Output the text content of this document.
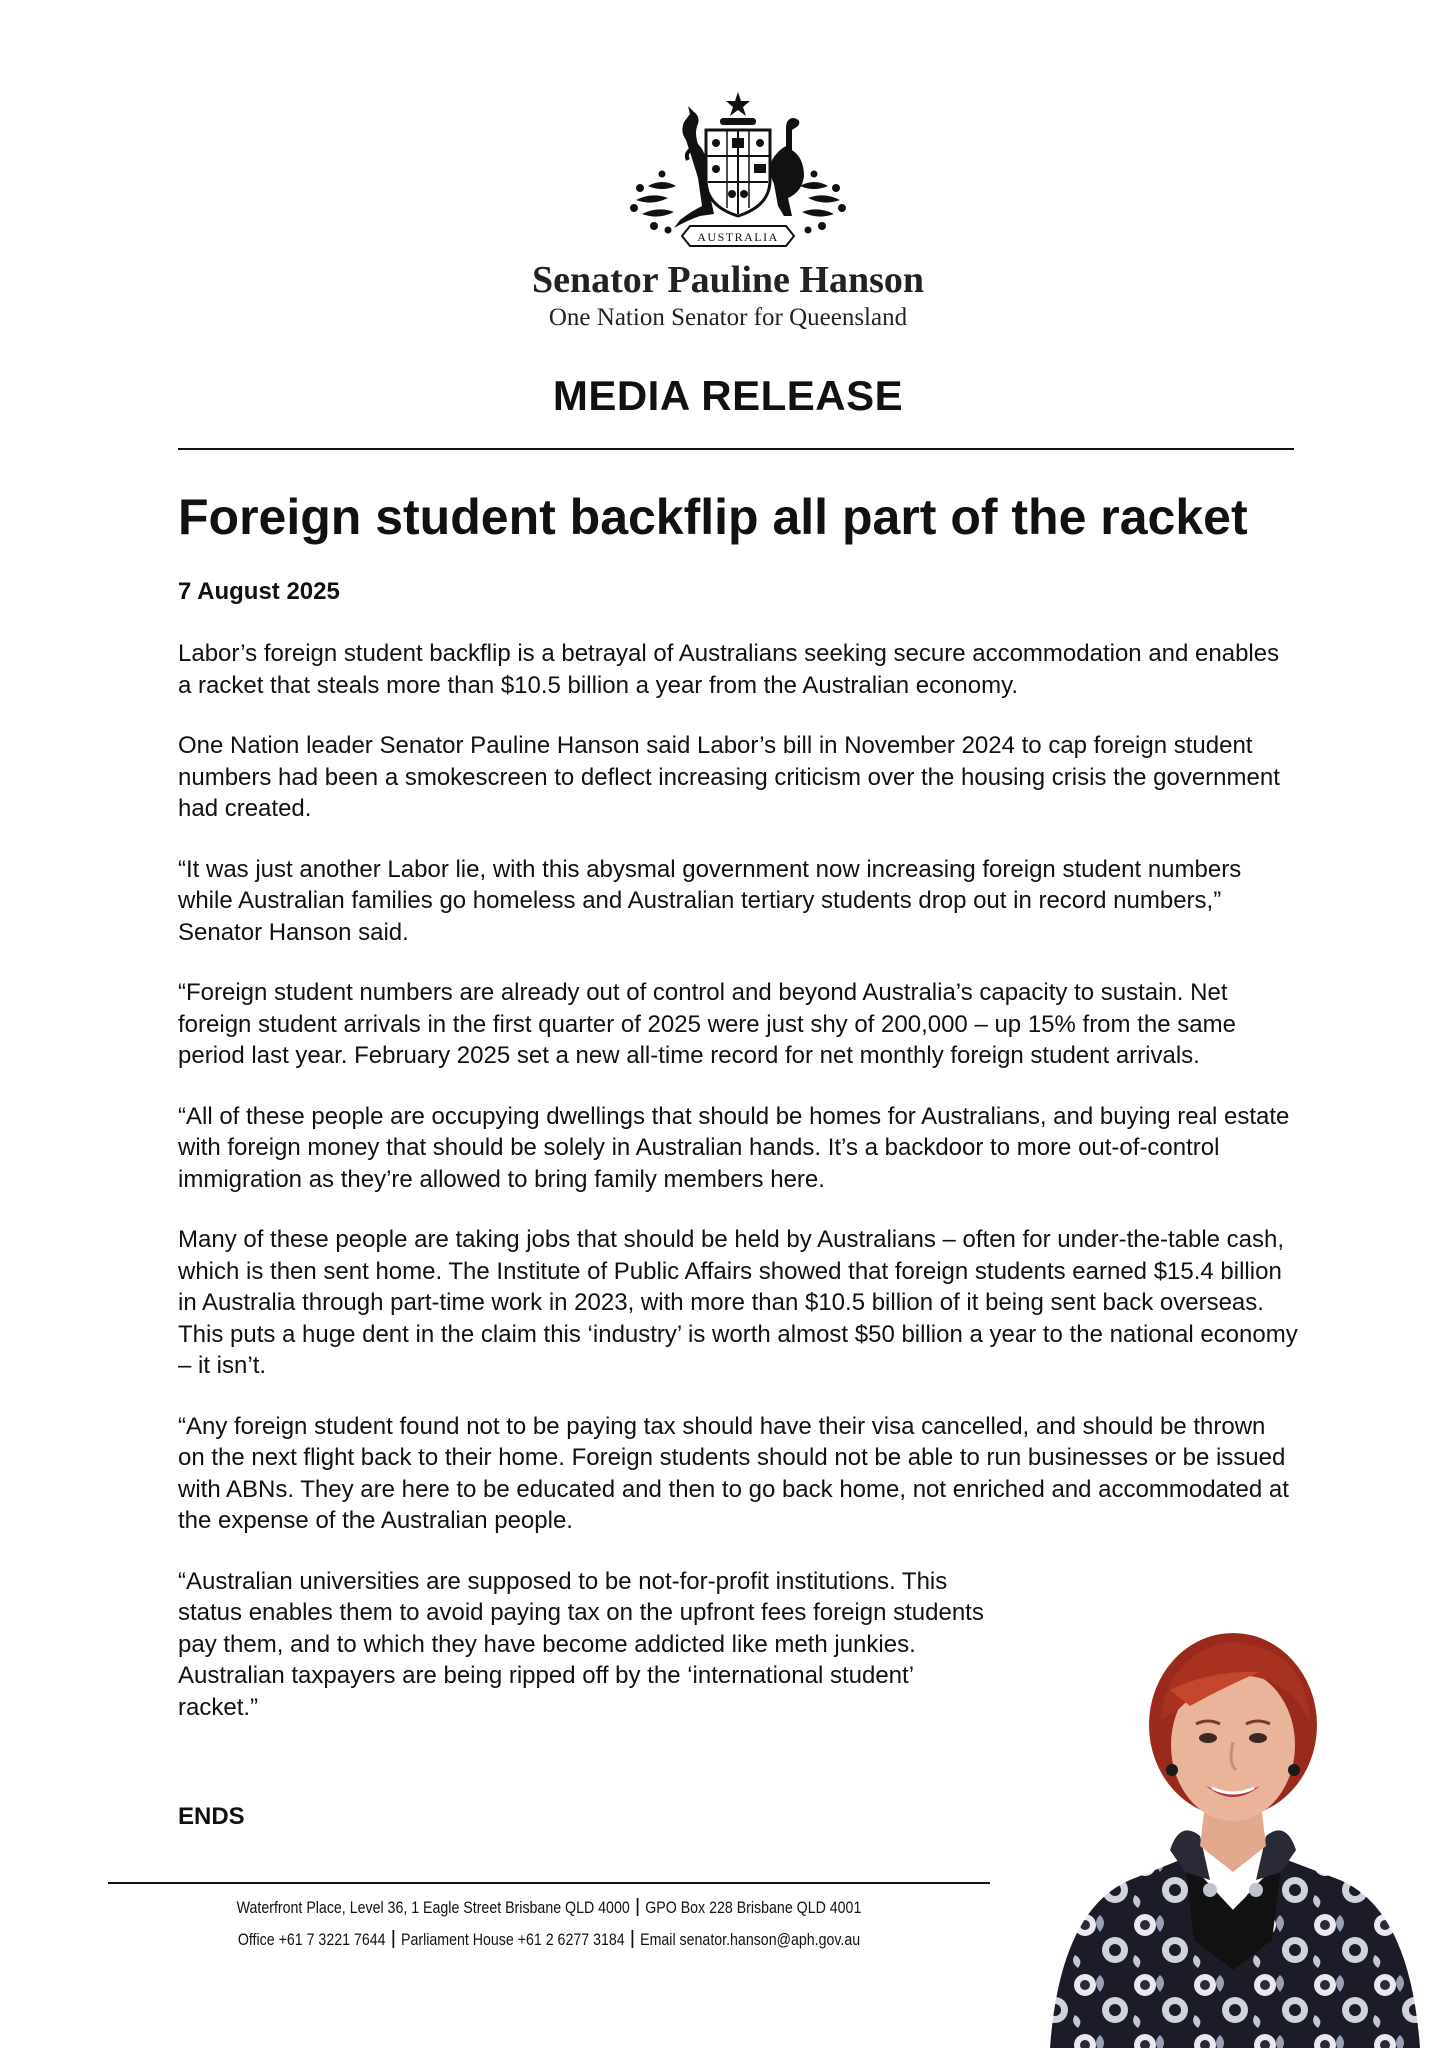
AUSTRALIA
Senator Pauline Hanson
One Nation Senator for Queensland
MEDIA RELEASE
Foreign student backflip all part of the racket
7 August 2025

Labor’s foreign student backflip is a betrayal of Australians seeking secure accommodation and enables a racket that steals more than $10.5 billion a year from the Australian economy.

One Nation leader Senator Pauline Hanson said Labor’s bill in November 2024 to cap foreign student numbers had been a smokescreen to deflect increasing criticism over the housing crisis the government had created.

“It was just another Labor lie, with this abysmal government now increasing foreign student numbers while Australian families go homeless and Australian tertiary students drop out in record numbers,” Senator Hanson said.

“Foreign student numbers are already out of control and beyond Australia’s capacity to sustain. Net foreign student arrivals in the first quarter of 2025 were just shy of 200,000 – up 15% from the same period last year. February 2025 set a new all-time record for net monthly foreign student arrivals.

“All of these people are occupying dwellings that should be homes for Australians, and buying real estate with foreign money that should be solely in Australian hands. It’s a backdoor to more out-of-control immigration as they’re allowed to bring family members here.

Many of these people are taking jobs that should be held by Australians – often for under-the-table cash, which is then sent home. The Institute of Public Affairs showed that foreign students earned $15.4 billion in Australia through part-time work in 2023, with more than $10.5 billion of it being sent back overseas. This puts a huge dent in the claim this ‘industry’ is worth almost $50 billion a year to the national economy – it isn’t.

“Any foreign student found not to be paying tax should have their visa cancelled, and should be thrown on the next flight back to their home. Foreign students should not be able to run businesses or be issued with ABNs. They are here to be educated and then to go back home, not enriched and accommodated at the expense of the Australian people.

“Australian universities are supposed to be not-for-profit institutions. This status enables them to avoid paying tax on the upfront fees foreign students pay them, and to which they have become addicted like meth junkies. Australian taxpayers are being ripped off by the ‘international student’ racket.”

ENDS
Waterfront Place, Level 36, 1 Eagle Street Brisbane QLD 4000 GPO Box 228 Brisbane QLD 4001
Office +61 7 3221 7644 Parliament House +61 2 6277 3184 Email senator.hanson@aph.gov.au
